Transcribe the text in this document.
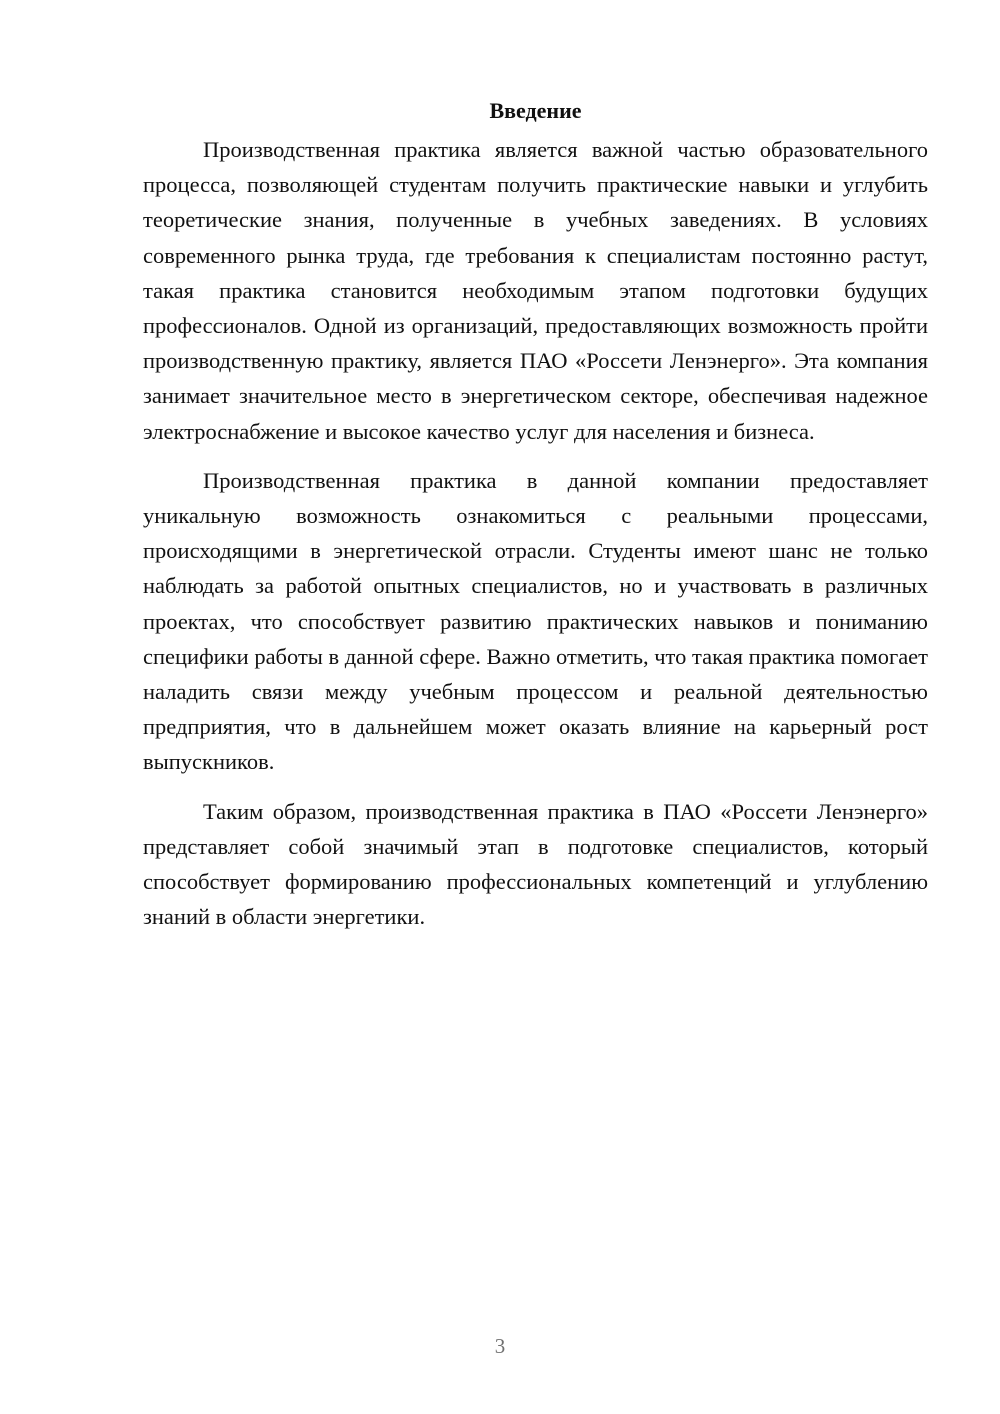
Введение

Производственная практика является важной частью образовательного процесса, позволяющей студентам получить практические навыки и углубить теоретические знания, полученные в учебных заведениях. В условиях современного рынка труда, где требования к специалистам постоянно растут, такая практика становится необходимым этапом подготовки будущих профессионалов. Одной из организаций, предоставляющих возможность пройти производственную практику, является ПАО «Россети Ленэнерго». Эта компания занимает значительное место в энергетическом секторе, обеспечивая надежное электроснабжение и высокое качество услуг для населения и бизнеса.

Производственная практика в данной компании предоставляет уникальную возможность ознакомиться с реальными процессами, происходящими в энергетической отрасли. Студенты имеют шанс не только наблюдать за работой опытных специалистов, но и участвовать в различных проектах, что способствует развитию практических навыков и пониманию специфики работы в данной сфере. Важно отметить, что такая практика помогает наладить связи между учебным процессом и реальной деятельностью предприятия, что в дальнейшем может оказать влияние на карьерный рост выпускников.

Таким образом, производственная практика в ПАО «Россети Ленэнерго» представляет собой значимый этап в подготовке специалистов, который способствует формированию профессиональных компетенций и углублению знаний в области энергетики.

3
